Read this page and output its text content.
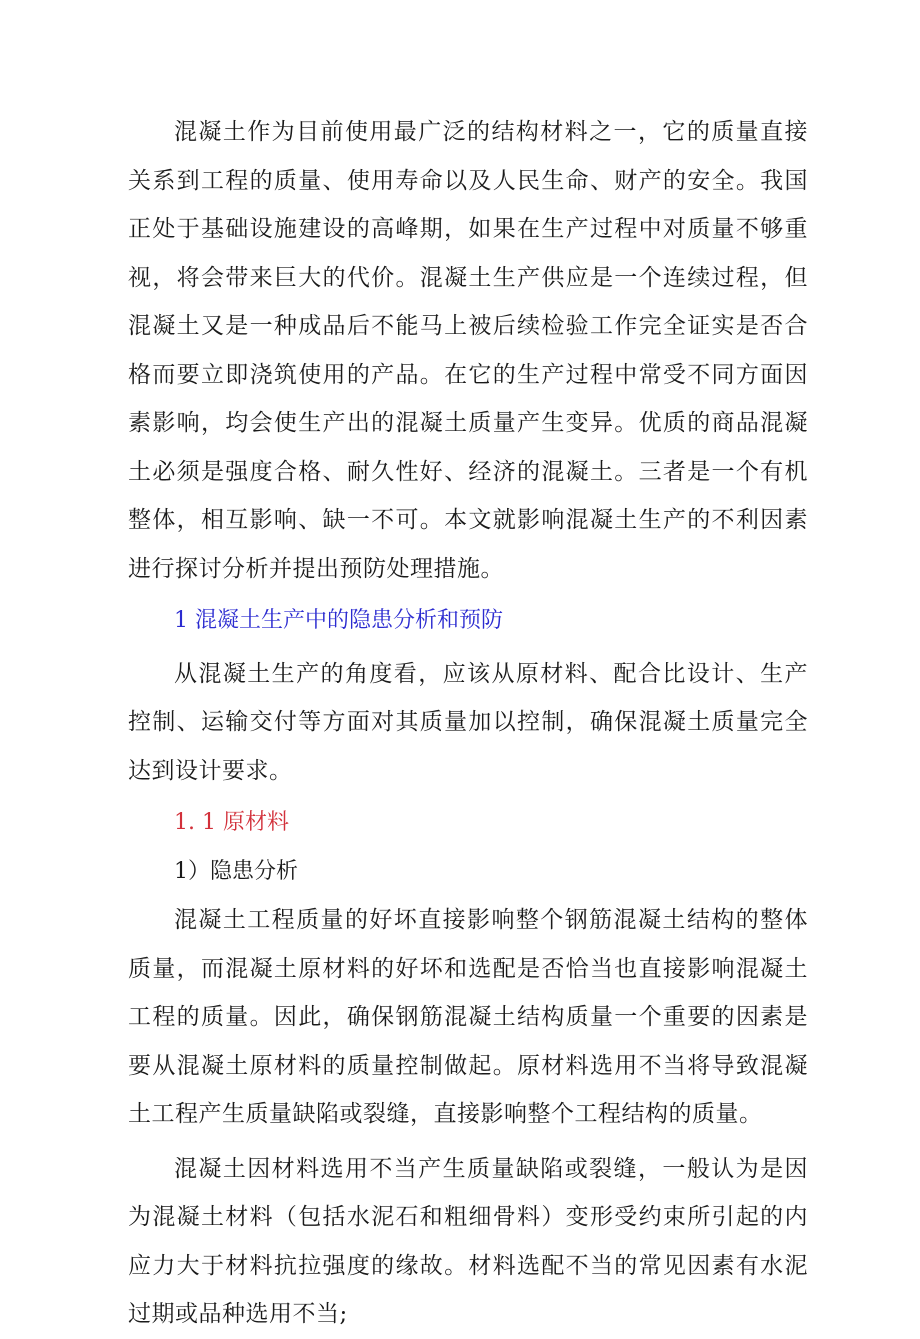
混凝土作为目前使用最广泛的结构材料之一，它的质量直接关系到工程的质量、使用寿命以及人民生命、财产的安全。我国正处于基础设施建设的高峰期，如果在生产过程中对质量不够重视，将会带来巨大的代价。混凝土生产供应是一个连续过程，但混凝土又是一种成品后不能马上被后续检验工作完全证实是否合格而要立即浇筑使用的产品。在它的生产过程中常受不同方面因素影响，均会使生产出的混凝土质量产生变异。优质的商品混凝土必须是强度合格、耐久性好、经济的混凝土。三者是一个有机整体，相互影响、缺一不可。本文就影响混凝土生产的不利因素进行探讨分析并提出预防处理措施。

1 混凝土生产中的隐患分析和预防

从混凝土生产的角度看，应该从原材料、配合比设计、生产控制、运输交付等方面对其质量加以控制，确保混凝土质量完全达到设计要求。

1. 1 原材料

1）隐患分析

混凝土工程质量的好坏直接影响整个钢筋混凝土结构的整体质量，而混凝土原材料的好坏和选配是否恰当也直接影响混凝土工程的质量。因此，确保钢筋混凝土结构质量一个重要的因素是要从混凝土原材料的质量控制做起。原材料选用不当将导致混凝土工程产生质量缺陷或裂缝，直接影响整个工程结构的质量。

混凝土因材料选用不当产生质量缺陷或裂缝，一般认为是因为混凝土材料（包括水泥石和粗细骨料）变形受约束所引起的内应力大于材料抗拉强度的缘故。材料选配不当的常见因素有水泥过期或品种选用不当;
